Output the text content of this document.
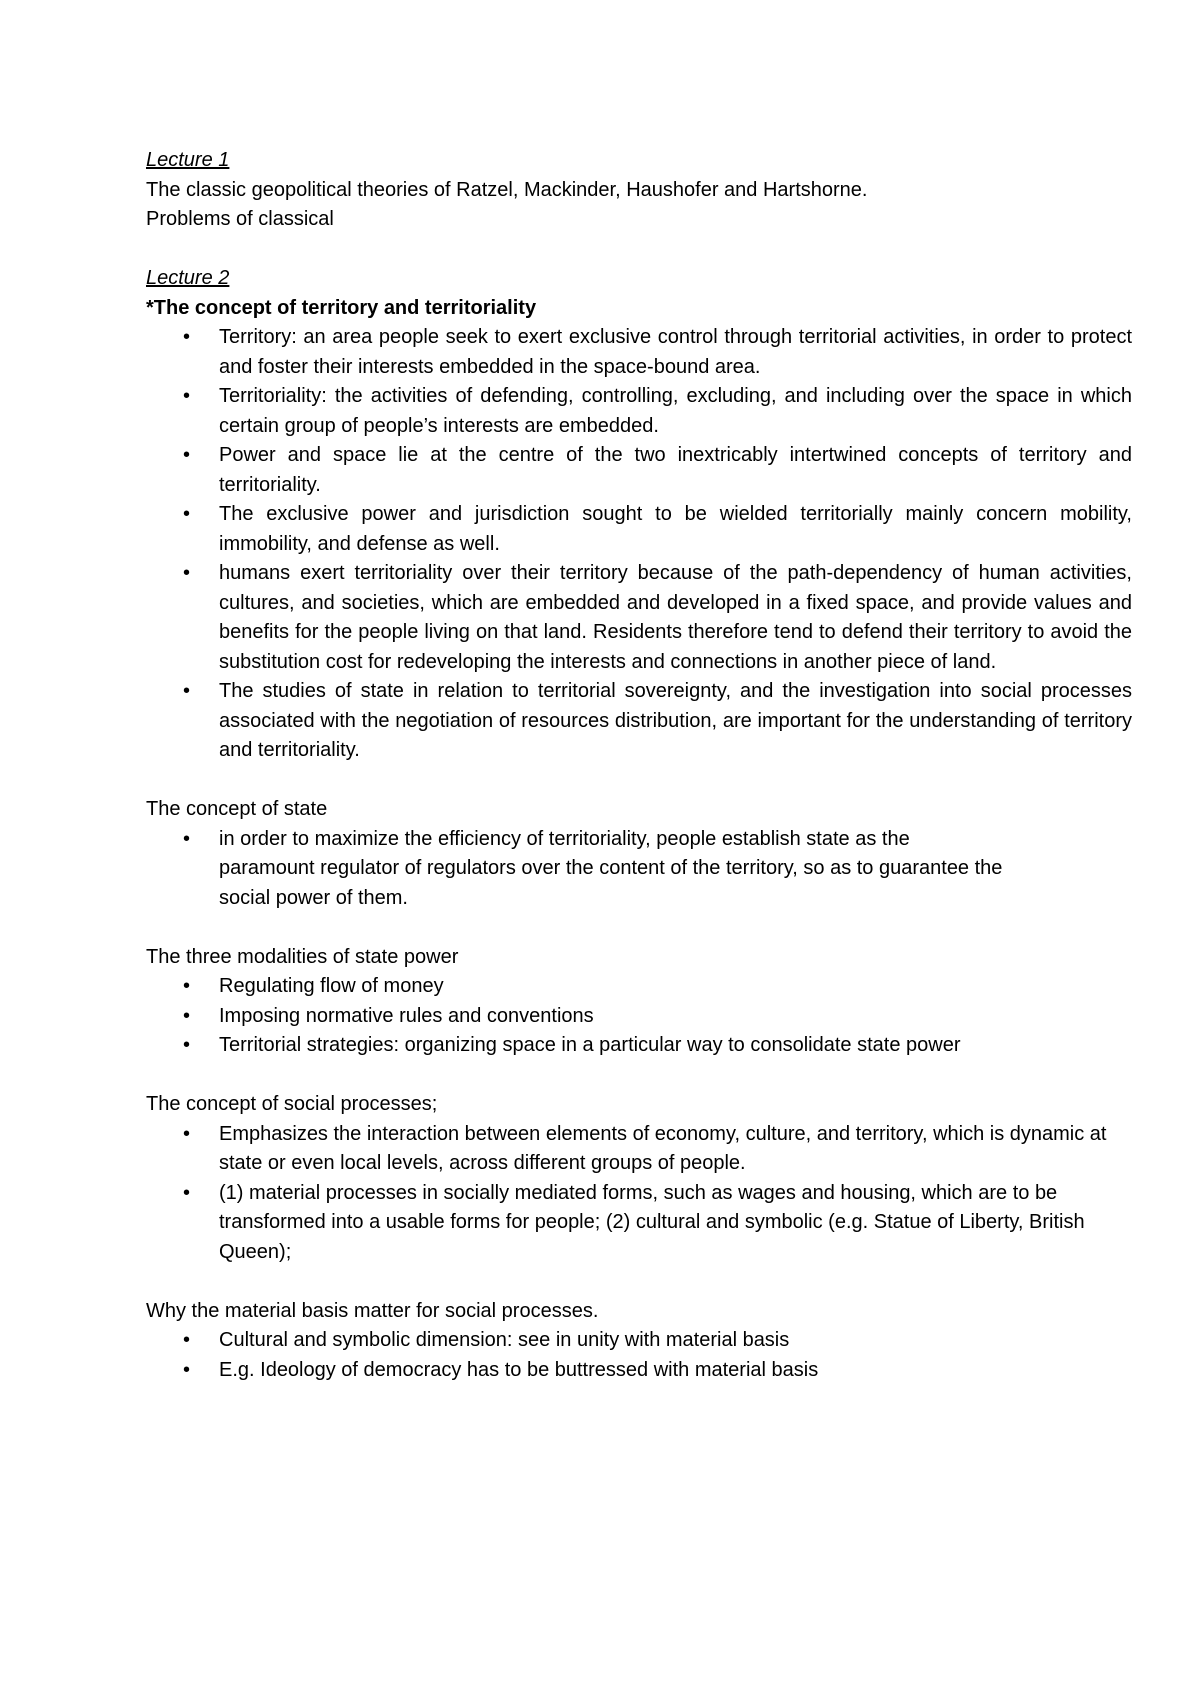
Lecture 1

The classic geopolitical theories of Ratzel, Mackinder, Haushofer and Hartshorne.

Problems of classical

Lecture 2

*The concept of territory and territoriality

• Territory: an area people seek to exert exclusive control through territorial activities, in order to protect and foster their interests embedded in the space-bound area.
• Territoriality: the activities of defending, controlling, excluding, and including over the space in which certain group of people’s interests are embedded.
• Power and space lie at the centre of the two inextricably intertwined concepts of territory and territoriality.
• The exclusive power and jurisdiction sought to be wielded territorially mainly concern mobility, immobility, and defense as well.
• humans exert territoriality over their territory because of the path-dependency of human activities, cultures, and societies, which are embedded and developed in a fixed space, and provide values and benefits for the people living on that land. Residents therefore tend to defend their territory to avoid the substitution cost for redeveloping the interests and connections in another piece of land.
• The studies of state in relation to territorial sovereignty, and the investigation into social processes associated with the negotiation of resources distribution, are important for the understanding of territory and territoriality.

The concept of state

• in order to maximize the efficiency of territoriality, people establish state as the paramount regulator of regulators over the content of the territory, so as to guarantee the social power of them.

The three modalities of state power

• Regulating flow of money
• Imposing normative rules and conventions
• Territorial strategies: organizing space in a particular way to consolidate state power

The concept of social processes;

• Emphasizes the interaction between elements of economy, culture, and territory, which is dynamic at state or even local levels, across different groups of people.
• (1) material processes in socially mediated forms, such as wages and housing, which are to be transformed into a usable forms for people; (2) cultural and symbolic (e.g. Statue of Liberty, British Queen);

Why the material basis matter for social processes.

• Cultural and symbolic dimension: see in unity with material basis
• E.g. Ideology of democracy has to be buttressed with material basis
